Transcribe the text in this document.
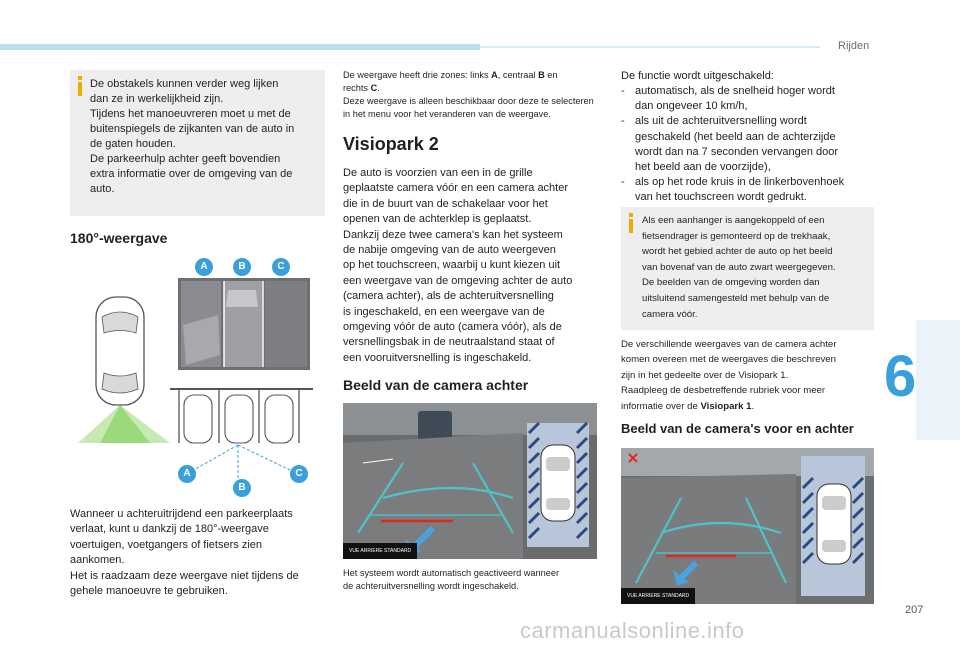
Rijden
6
207
carmanualsonline.info
De obstakels kunnen verder weg lijken
dan ze in werkelijkheid zijn.
Tijdens het manoeuvreren moet u met de
buitenspiegels de zijkanten van de auto in
de gaten houden.
De parkeerhulp achter geeft bovendien
extra informatie over de omgeving van de
auto.
180°-weergave
A	B	C
A
B
C
Wanneer u achteruitrijdend een parkeerplaats
verlaat, kunt u dankzij de 180°-weergave
voertuigen, voetgangers of fietsers zien
aankomen.
Het is raadzaam deze weergave niet tijdens de
gehele manoeuvre te gebruiken.
De weergave heeft drie zones: links A, centraal B en
rechts C.
Deze weergave is alleen beschikbaar door deze te selecteren
in het menu voor het veranderen van de weergave.
Visiopark 2
De auto is voorzien van een in de grille
geplaatste camera vóór en een camera achter
die in de buurt van de schakelaar voor het
openen van de achterklep is geplaatst.
Dankzij deze twee camera's kan het systeem
de nabije omgeving van de auto weergeven
op het touchscreen, waarbij u kunt kiezen uit
een weergave van de omgeving achter de auto
(camera achter), als de achteruitversnelling
is ingeschakeld, en een weergave van de
omgeving vóór de auto (camera vóór), als de
versnellingsbak in de neutraalstand staat of
een vooruitversnelling is ingeschakeld.
Beeld van de camera achter
VUE ARRIERE STANDARD
Het systeem wordt automatisch geactiveerd wanneer
de achteruitversnelling wordt ingeschakeld.
De functie wordt uitgeschakeld:
- automatisch, als de snelheid hoger wordt
dan ongeveer 10 km/h,
- als uit de achteruitversnelling wordt
geschakeld (het beeld aan de achterzijde
wordt dan na 7 seconden vervangen door
het beeld aan de voorzijde),
- als op het rode kruis in de linkerbovenhoek
van het touchscreen wordt gedrukt.
Als een aanhanger is aangekoppeld of een
fietsendrager is gemonteerd op de trekhaak,
wordt het gebied achter de auto op het beeld
van bovenaf van de auto zwart weergegeven.
De beelden van de omgeving worden dan
uitsluitend samengesteld met behulp van de
camera vóór.
De verschillende weergaves van de camera achter
komen overeen met de weergaves die beschreven
zijn in het gedeelte over de Visiopark 1.
Raadpleeg de desbetreffende rubriek voor meer
informatie over de Visiopark 1.
Beeld van de camera's voor en achter
VUE ARRIERE STANDARD
